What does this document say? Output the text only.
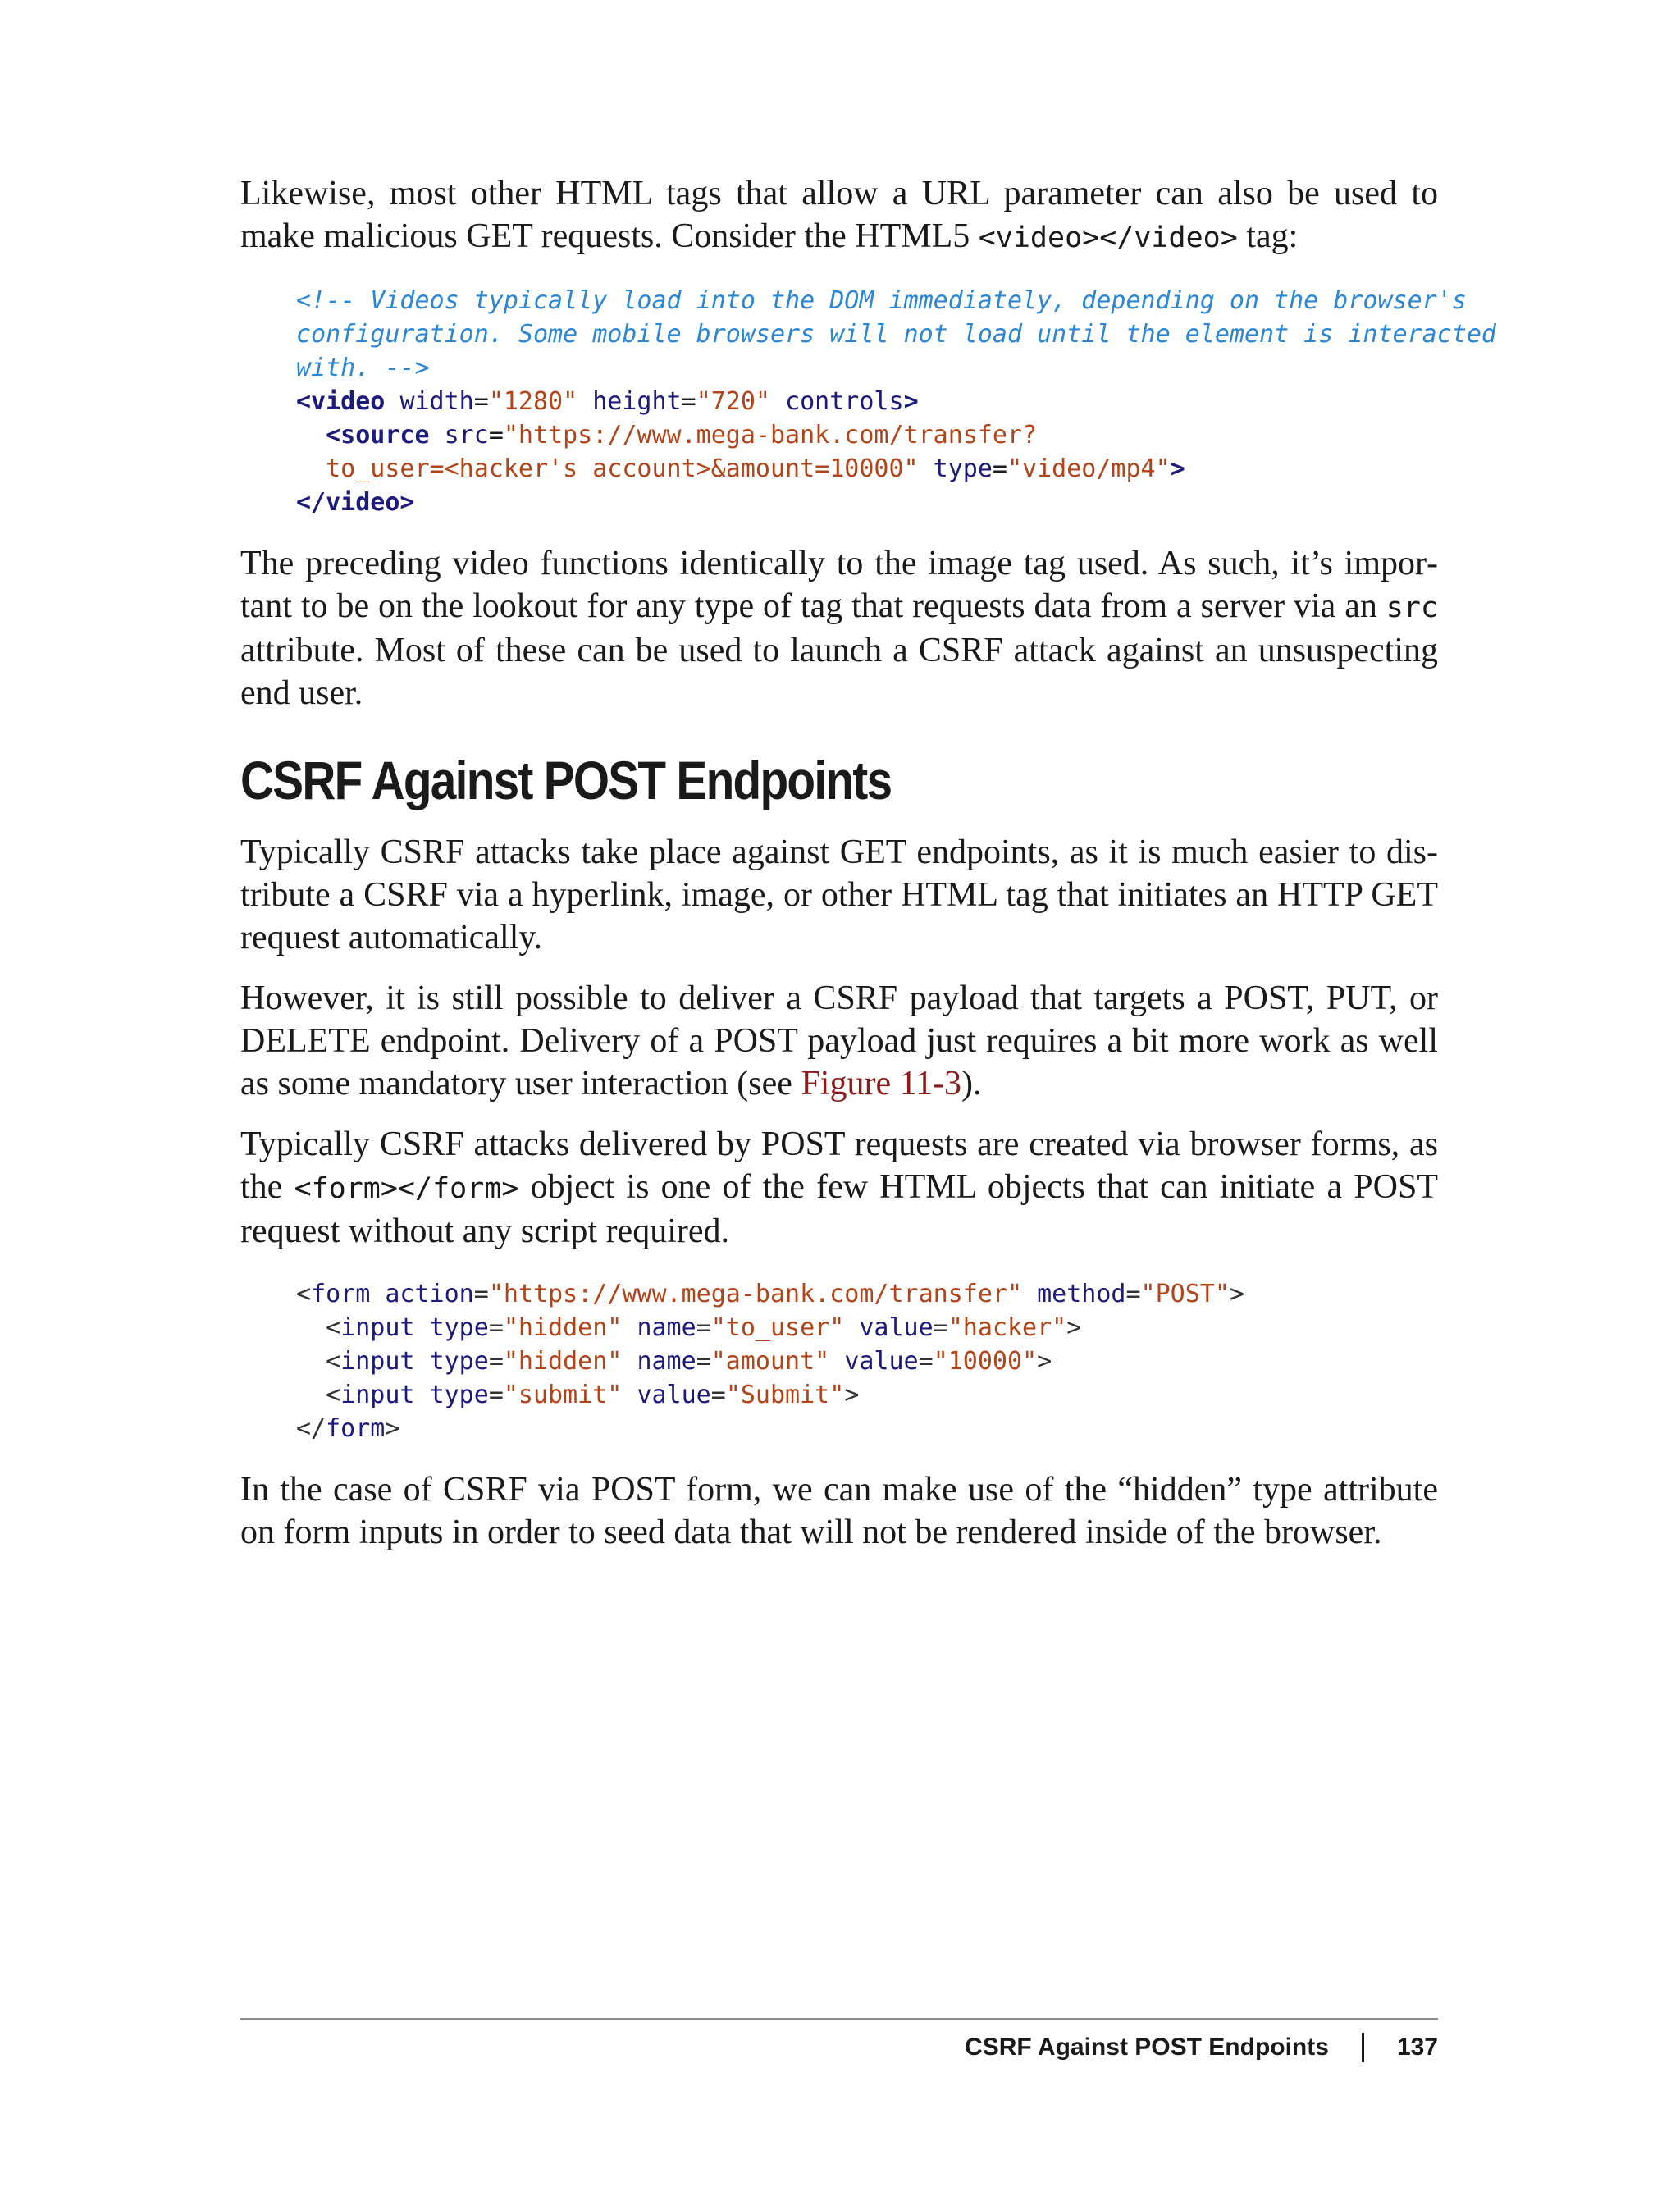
Likewise, most other HTML tags that allow a URL parameter can also be used to make malicious GET requests. Consider the HTML5 <video></video> tag:

<!-- Videos typically load into the DOM immediately, depending on the browser's
configuration. Some mobile browsers will not load until the element is interacted
with. -->
<video width="1280" height="720" controls>
<source src="https://www.mega-bank.com/transfer?
to_user=<hacker's account>&amount=10000" type="video/mp4">
</video>

The preceding video functions identically to the image tag used. As such, it’s important to be on the lookout for any type of tag that requests data from a server via an src attribute. Most of these can be used to launch a CSRF attack against an unsuspecting end user.

CSRF Against POST Endpoints

Typically CSRF attacks take place against GET endpoints, as it is much easier to distribute a CSRF via a hyperlink, image, or other HTML tag that initiates an HTTP GET request automatically.

However, it is still possible to deliver a CSRF payload that targets a POST, PUT, or DELETE endpoint. Delivery of a POST payload just requires a bit more work as well as some mandatory user interaction (see Figure 11-3).

Typically CSRF attacks delivered by POST requests are created via browser forms, as the <form></form> object is one of the few HTML objects that can initiate a POST request without any script required.

<form action="https://www.mega-bank.com/transfer" method="POST">
<input type="hidden" name="to_user" value="hacker">
<input type="hidden" name="amount" value="10000">
<input type="submit" value="Submit">
</form>

In the case of CSRF via POST form, we can make use of the “hidden” type attribute on form inputs in order to seed data that will not be rendered inside of the browser.

CSRF Against POST Endpoints	137
